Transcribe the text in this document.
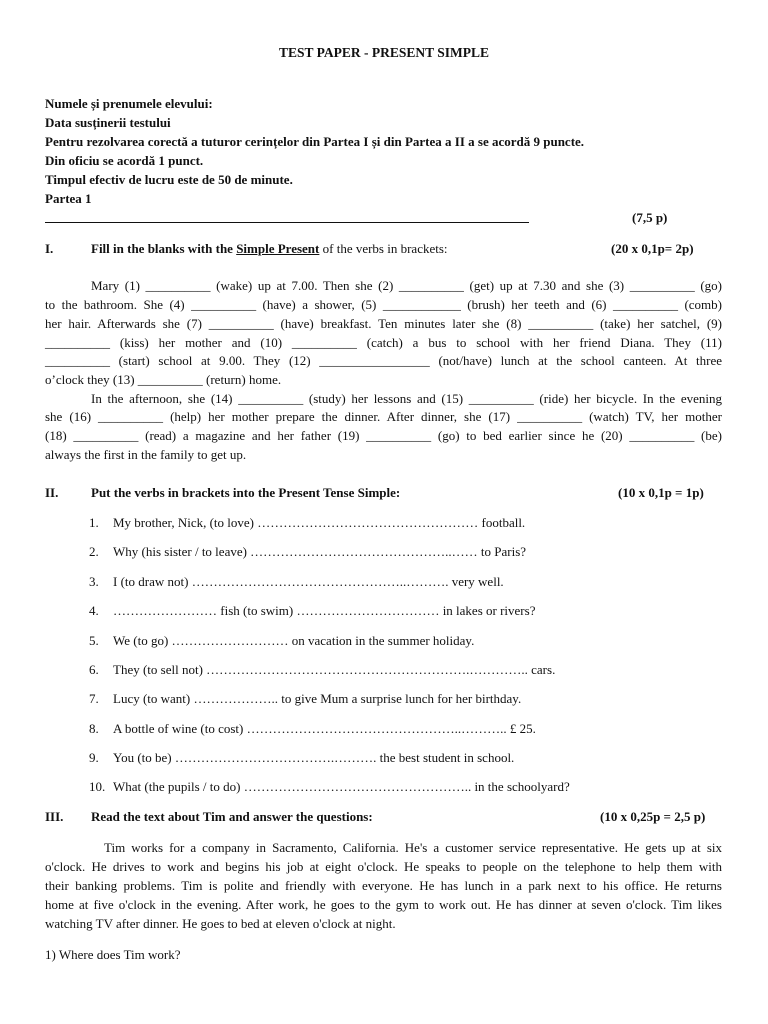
TEST PAPER - PRESENT SIMPLE
Numele și prenumele elevului:
Data susținerii testului
Pentru rezolvarea corectă a tuturor cerințelor din Partea I și din Partea a II a se acordă 9 puncte.
Din oficiu se acordă 1 punct.
Timpul efectiv de lucru este de 50 de minute.
Partea 1
(7,5 p)
I.	Fill in the blanks with the Simple Present of the verbs in brackets:	(20 x 0,1p= 2p)
Mary (1) __________ (wake) up at 7.00. Then she (2) __________ (get) up at 7.30 and she (3) __________ (go)
to the bathroom. She (4) __________ (have) a shower, (5) ____________ (brush) her teeth and (6) __________ (comb)
her hair. Afterwards she (7) __________ (have) breakfast. Ten minutes later she (8) __________ (take) her satchel, (9)
__________ (kiss) her mother and (10) __________ (catch) a bus to school with her friend Diana. They (11)
__________ (start) school at 9.00. They (12) _________________ (not/have) lunch at the school canteen. At three
o’clock they (13) __________ (return) home.
In the afternoon, she (14) __________ (study) her lessons and (15) __________ (ride) her bicycle. In the evening
she (16) __________ (help) her mother prepare the dinner. After dinner, she (17) __________ (watch) TV, her mother
(18) __________ (read) a magazine and her father (19) __________ (go) to bed earlier since he (20) __________ (be)
always the first in the family to get up.
II.	Put the verbs in brackets into the Present Tense Simple:	(10 x 0,1p = 1p)
1. My brother, Nick, (to love) …………………………………………… football.
2. Why (his sister / to leave) ………………………………………..…… to Paris?
3. I (to draw not) …………………………………………..………. very well.
4. …………………… fish (to swim) …………………………… in lakes or rivers?
5. We (to go) ……………………… on vacation in the summer holiday.
6. They (to sell not) …………………………………………………….………….. cars.
7. Lucy (to want) ……………….. to give Mum a surprise lunch for her birthday.
8. A bottle of wine (to cost) …………………………………………..……….. £ 25.
9. You (to be) ……………………………….………. the best student in school.
10. What (the pupils / to do) …………………………………………….. in the schoolyard?
III. Read the text about Tim and answer the questions:	(10 x 0,25p = 2,5 p)
Tim works for a company in Sacramento, California. He's a customer service representative. He gets up at six
o'clock. He drives to work and begins his job at eight o'clock. He speaks to people on the telephone to help them with
their banking problems. Tim is polite and friendly with everyone. He has lunch in a park next to his office. He returns
home at five o'clock in the evening. After work, he goes to the gym to work out. He has dinner at seven o'clock. Tim likes
watching TV after dinner. He goes to bed at eleven o'clock at night.
1) Where does Tim work?
